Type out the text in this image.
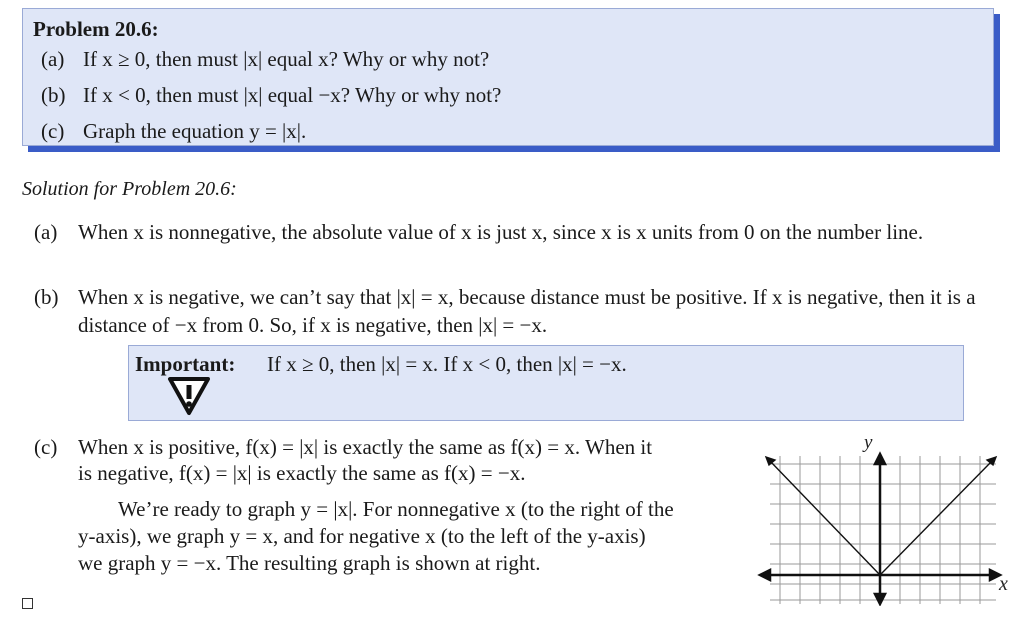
Problem 20.6:
(a) If x ≥ 0, then must |x| equal x? Why or why not?
(b) If x < 0, then must |x| equal −x? Why or why not?
(c) Graph the equation y = |x|.
Solution for Problem 20.6:
(a) When x is nonnegative, the absolute value of x is just x, since x is x units from 0 on the number line.
(b) When x is negative, we can’t say that |x| = x, because distance must be positive. If x is negative, then it is a distance of −x from 0. So, if x is negative, then |x| = −x.
Important: If x ≥ 0, then |x| = x. If x < 0, then |x| = −x.
(c) When x is positive, f(x) = |x| is exactly the same as f(x) = x. When it
is negative, f(x) = |x| is exactly the same as f(x) = −x.
We’re ready to graph y = |x|. For nonnegative x (to the right of the
y-axis), we graph y = x, and for negative x (to the left of the y-axis)
we graph y = −x. The resulting graph is shown at right.
y
x
